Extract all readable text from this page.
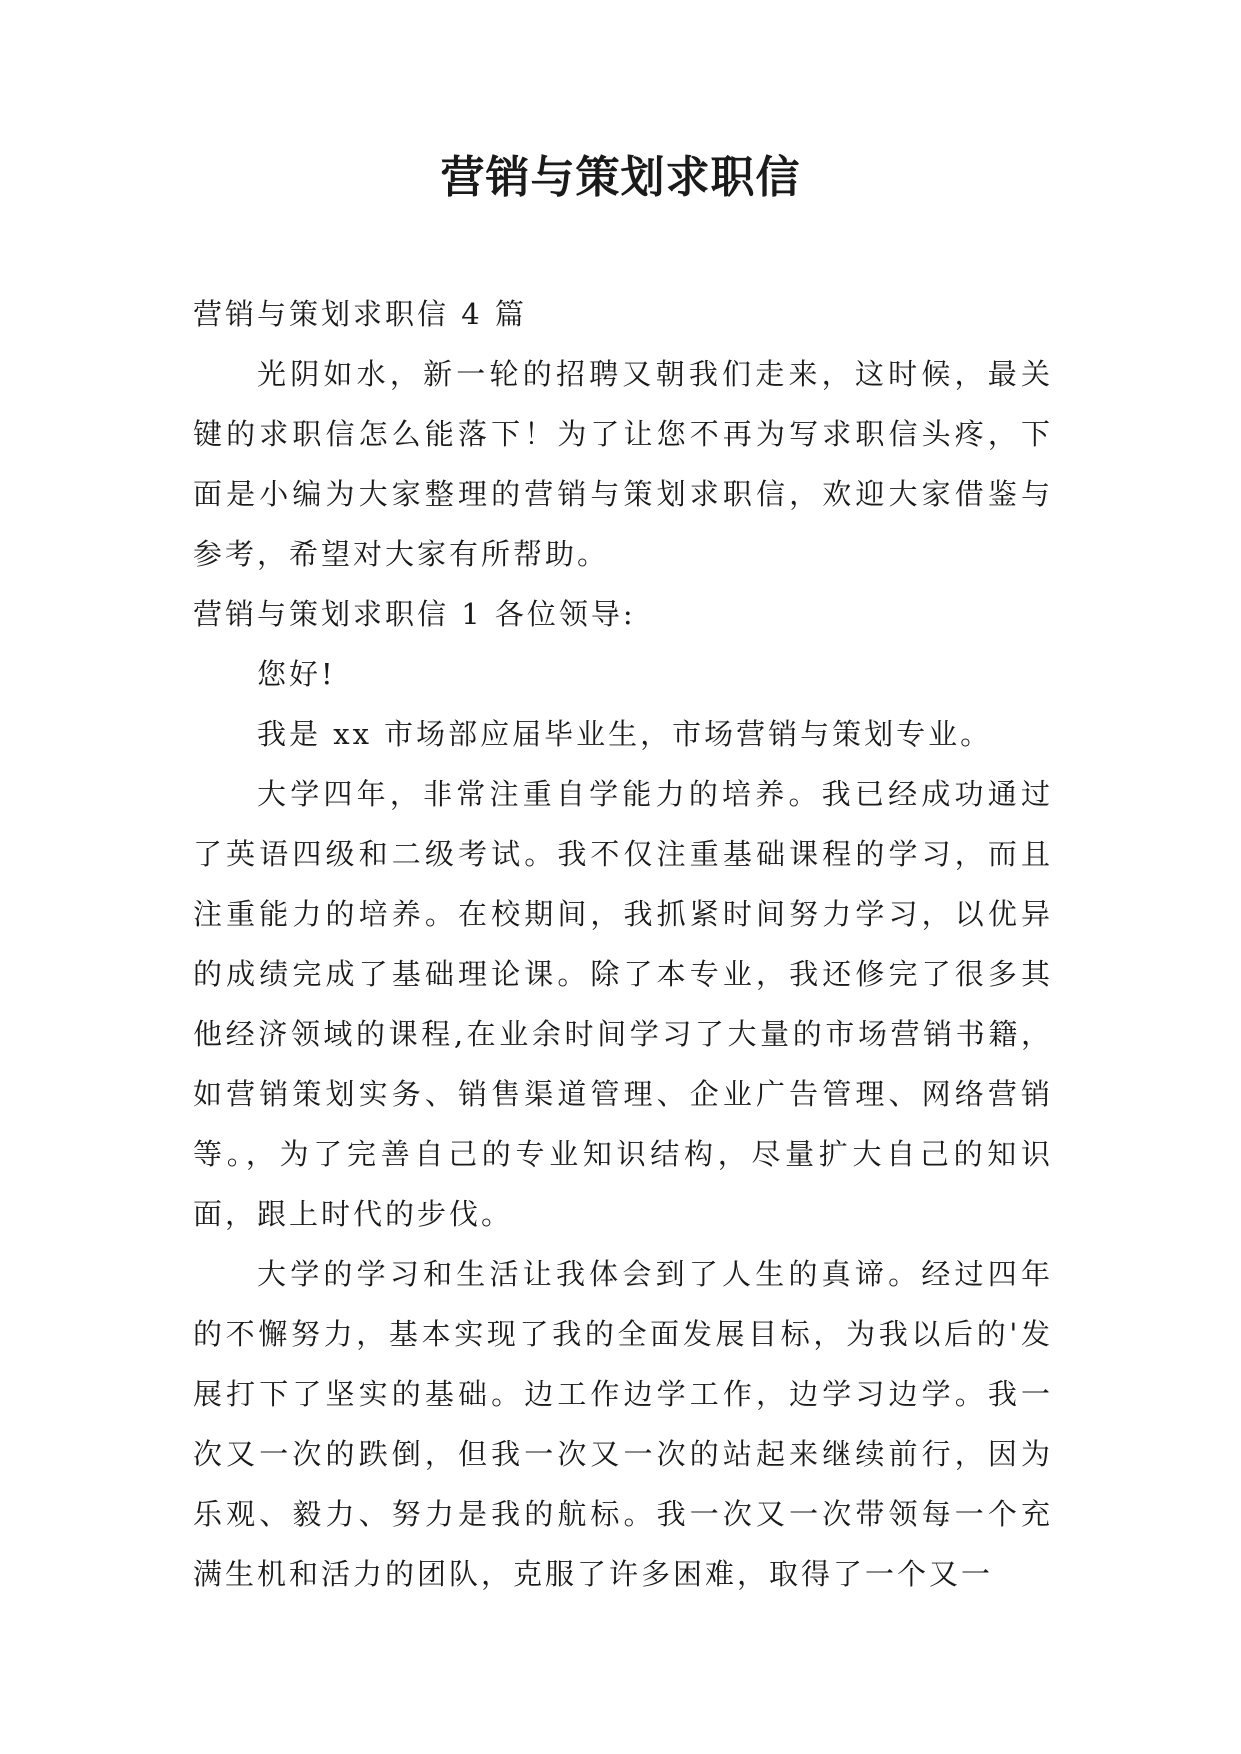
营销与策划求职信

营销与策划求职信 4 篇

光阴如水，新一轮的招聘又朝我们走来，这时候，最关键的求职信怎么能落下！为了让您不再为写求职信头疼，下面是小编为大家整理的营销与策划求职信，欢迎大家借鉴与参考，希望对大家有所帮助。

营销与策划求职信 1 各位领导:

您好!

我是 xx 市场部应届毕业生，市场营销与策划专业。

大学四年，非常注重自学能力的培养。我已经成功通过了英语四级和二级考试。我不仅注重基础课程的学习，而且注重能力的培养。在校期间，我抓紧时间努力学习，以优异的成绩完成了基础理论课。除了本专业，我还修完了很多其他经济领域的课程,在业余时间学习了大量的市场营销书籍，如营销策划实务、销售渠道管理、企业广告管理、网络营销等。，为了完善自己的专业知识结构，尽量扩大自己的知识面，跟上时代的步伐。

大学的学习和生活让我体会到了人生的真谛。经过四年的不懈努力，基本实现了我的全面发展目标，为我以后的'发展打下了坚实的基础。边工作边学工作，边学习边学。我一次又一次的跌倒，但我一次又一次的站起来继续前行，因为乐观、毅力、努力是我的航标。我一次又一次带领每一个充满生机和活力的团队，克服了许多困难，取得了一个又一
